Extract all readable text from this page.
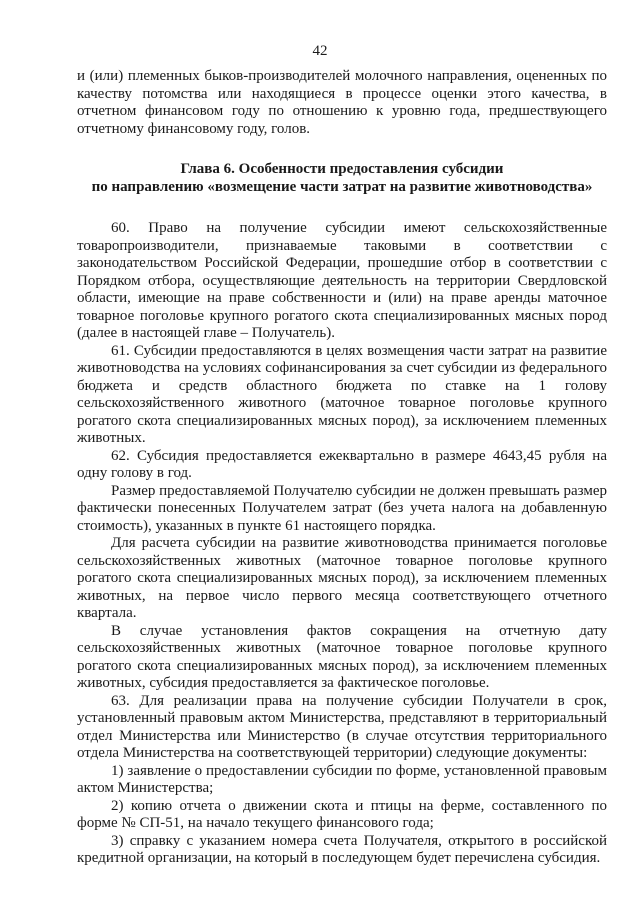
42

и (или) племенных быков-производителей молочного направления, оцененных по качеству потомства или находящиеся в процессе оценки этого качества, в отчетном финансовом году по отношению к уровню года, предшествующего отчетному финансовому году, голов.

Глава 6. Особенности предоставления субсидии
по направлению «возмещение части затрат на развитие животноводства»

60. Право на получение субсидии имеют сельскохозяйственные товаропроизводители, признаваемые таковыми в соответствии с законодательством Российской Федерации, прошедшие отбор в соответствии с Порядком отбора, осуществляющие деятельность на территории Свердловской области, имеющие на праве собственности и (или) на праве аренды маточное товарное поголовье крупного рогатого скота специализированных мясных пород (далее в настоящей главе – Получатель).

61. Субсидии предоставляются в целях возмещения части затрат на развитие животноводства на условиях софинансирования за счет субсидии из федерального бюджета и средств областного бюджета по ставке на 1 голову сельскохозяйственного животного (маточное товарное поголовье крупного рогатого скота специализированных мясных пород), за исключением племенных животных.

62. Субсидия предоставляется ежеквартально в размере 4643,45 рубля на одну голову в год.

Размер предоставляемой Получателю субсидии не должен превышать размер фактически понесенных Получателем затрат (без учета налога на добавленную стоимость), указанных в пункте 61 настоящего порядка.

Для расчета субсидии на развитие животноводства принимается поголовье сельскохозяйственных животных (маточное товарное поголовье крупного рогатого скота специализированных мясных пород), за исключением племенных животных, на первое число первого месяца соответствующего отчетного квартала.

В случае установления фактов сокращения на отчетную дату сельскохозяйственных животных (маточное товарное поголовье крупного рогатого скота специализированных мясных пород), за исключением племенных животных, субсидия предоставляется за фактическое поголовье.

63. Для реализации права на получение субсидии Получатели в срок, установленный правовым актом Министерства, представляют в территориальный отдел Министерства или Министерство (в случае отсутствия территориального отдела Министерства на соответствующей территории) следующие документы:

1) заявление о предоставлении субсидии по форме, установленной правовым актом Министерства;

2) копию отчета о движении скота и птицы на ферме, составленного по форме № СП-51, на начало текущего финансового года;

3) справку с указанием номера счета Получателя, открытого в российской кредитной организации, на который в последующем будет перечислена субсидия.
